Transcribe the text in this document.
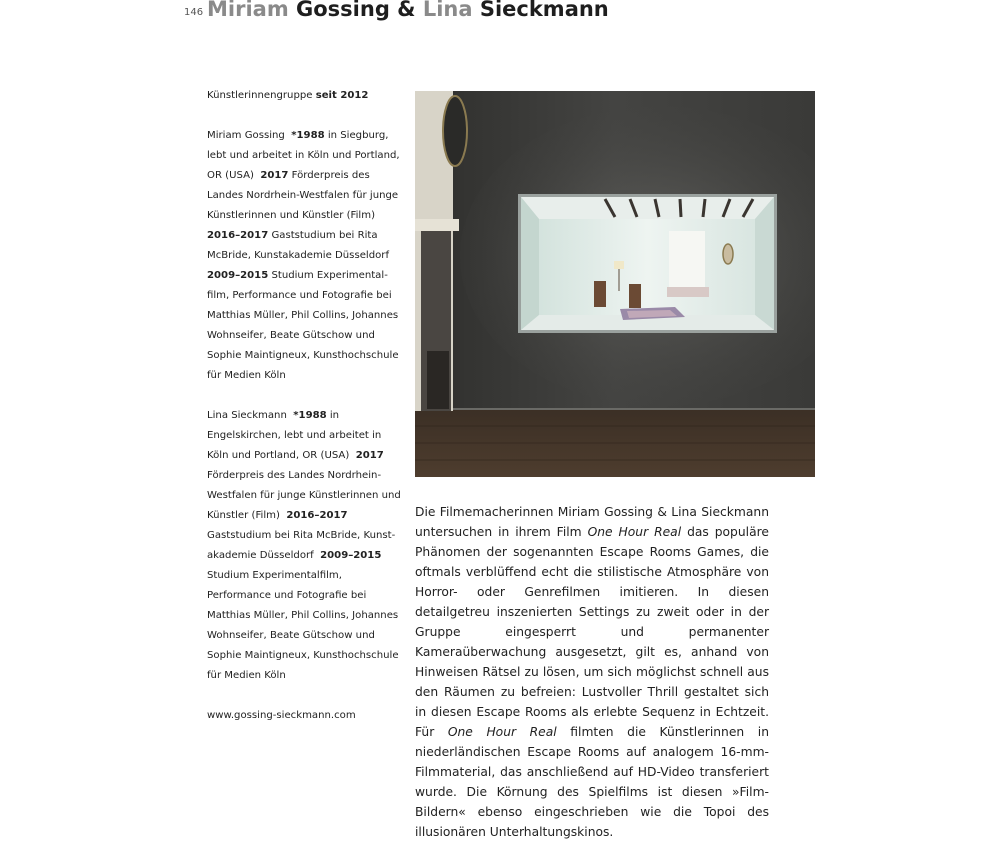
146 Miriam Gossing & Lina Sieckmann

Künstlerinnengruppe seit 2012

Miriam Gossing *1988 in Siegburg, lebt und arbeitet in Köln und Portland, OR (USA) 2017 Förderpreis des Landes Nordrhein-Westfalen für junge Künstlerinnen und Künstler (Film) 2016–2017 Gaststudium bei Rita McBride, Kunstakademie Düsseldorf 2009–2015 Studium Experimentalfilm, Performance und Fotografie bei Matthias Müller, Phil Collins, Johannes Wohnseifer, Beate Gütschow und Sophie Maintigneux, Kunsthochschule für Medien Köln

Lina Sieckmann *1988 in Engelskirchen, lebt und arbeitet in Köln und Portland, OR (USA) 2017 Förderpreis des Landes Nordrhein-Westfalen für junge Künstlerinnen und Künstler (Film) 2016–2017 Gaststudium bei Rita McBride, Kunstakademie Düsseldorf 2009–2015 Studium Experimentalfilm, Performance und Fotografie bei Matthias Müller, Phil Collins, Johannes Wohnseifer, Beate Gütschow und Sophie Maintigneux, Kunsthochschule für Medien Köln

www.gossing-sieckmann.com

Die Filmemacherinnen Miriam Gossing & Lina Sieckmann untersuchen in ihrem Film One Hour Real das populäre Phänomen der sogenannten Escape Rooms Games, die oftmals verblüffend echt die stilistische Atmosphäre von Horror- oder Genrefilmen imitieren. In diesen detailgetreu inszenierten Settings zu zweit oder in der Gruppe eingesperrt und permanenter Kameraüberwachung ausgesetzt, gilt es, anhand von Hinweisen Rätsel zu lösen, um sich möglichst schnell aus den Räumen zu befreien: Lustvoller Thrill gestaltet sich in diesen Escape Rooms als erlebte Sequenz in Echtzeit. Für One Hour Real filmten die Künstlerinnen in niederländischen Escape Rooms auf analogem 16-mm-Filmmaterial, das anschließend auf HD-Video transferiert wurde. Die Körnung des Spielfilms ist diesen »Film-Bildern« ebenso eingeschrieben wie die Topoi des illusionären Unterhaltungskinos.
